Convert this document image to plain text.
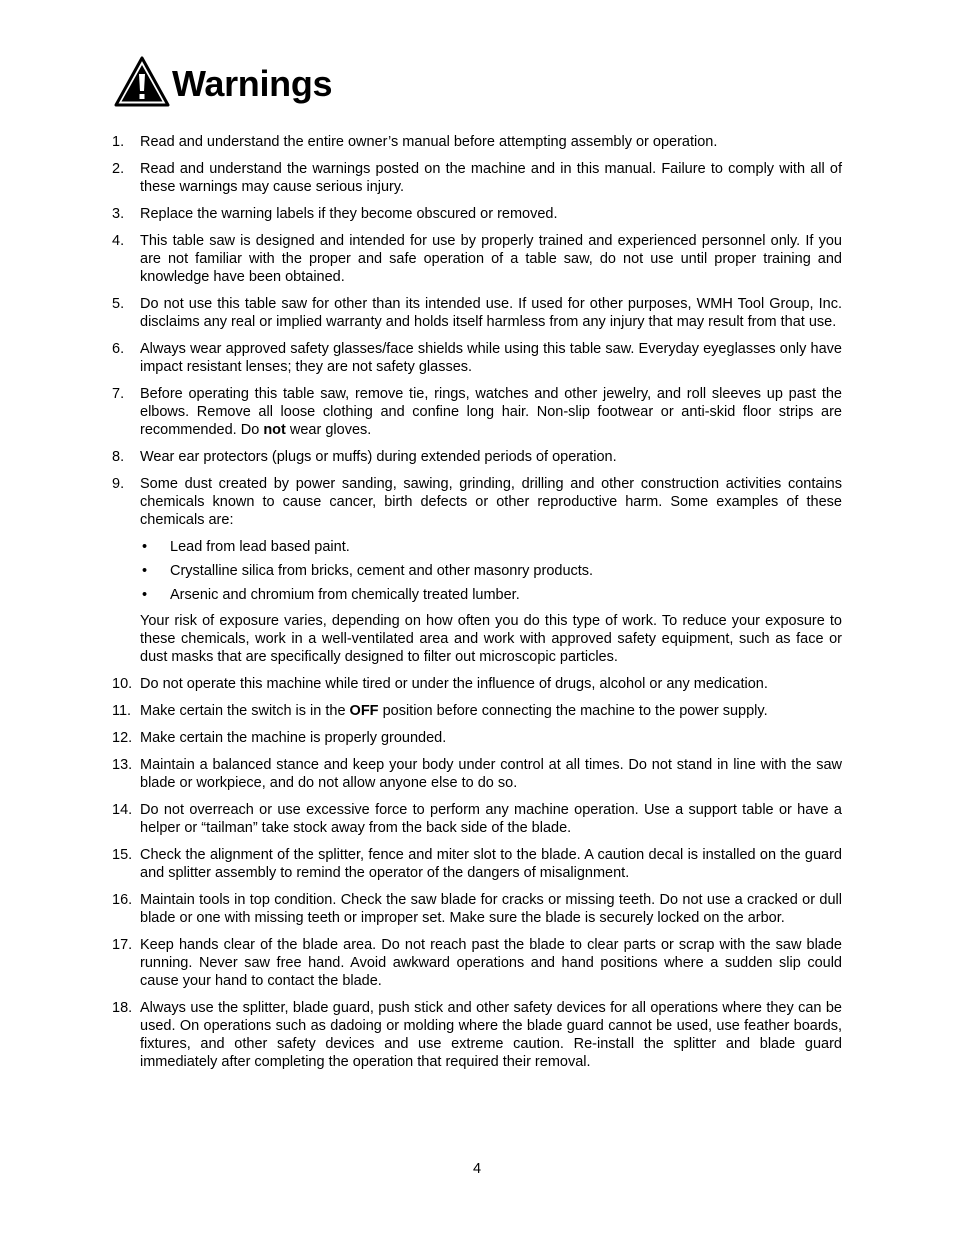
Warnings
1.	Read and understand the entire owner’s manual before attempting assembly or operation.
2.	Read and understand the warnings posted on the machine and in this manual. Failure to comply with all of these warnings may cause serious injury.
3.	Replace the warning labels if they become obscured or removed.
4.	This table saw is designed and intended for use by properly trained and experienced personnel only. If you are not familiar with the proper and safe operation of a table saw, do not use until proper training and knowledge have been obtained.
5.	Do not use this table saw for other than its intended use. If used for other purposes, WMH Tool Group, Inc. disclaims any real or implied warranty and holds itself harmless from any injury that may result from that use.
6.	Always wear approved safety glasses/face shields while using this table saw. Everyday eyeglasses only have impact resistant lenses; they are not safety glasses.
7.	Before operating this table saw, remove tie, rings, watches and other jewelry, and roll sleeves up past the elbows. Remove all loose clothing and confine long hair. Non-slip footwear or anti-skid floor strips are recommended. Do not wear gloves.
8.	Wear ear protectors (plugs or muffs) during extended periods of operation.
9.	Some dust created by power sanding, sawing, grinding, drilling and other construction activities contains chemicals known to cause cancer, birth defects or other reproductive harm. Some examples of these chemicals are:
•	Lead from lead based paint.
•	Crystalline silica from bricks, cement and other masonry products.
•	Arsenic and chromium from chemically treated lumber.
Your risk of exposure varies, depending on how often you do this type of work. To reduce your exposure to these chemicals, work in a well-ventilated area and work with approved safety equipment, such as face or dust masks that are specifically designed to filter out microscopic particles.
10. Do not operate this machine while tired or under the influence of drugs, alcohol or any medication.
11. Make certain the switch is in the OFF position before connecting the machine to the power supply.
12. Make certain the machine is properly grounded.
13. Maintain a balanced stance and keep your body under control at all times. Do not stand in line with the saw blade or workpiece, and do not allow anyone else to do so.
14. Do not overreach or use excessive force to perform any machine operation. Use a support table or have a helper or “tailman” take stock away from the back side of the blade.
15. Check the alignment of the splitter, fence and miter slot to the blade. A caution decal is installed on the guard and splitter assembly to remind the operator of the dangers of misalignment.
16. Maintain tools in top condition. Check the saw blade for cracks or missing teeth. Do not use a cracked or dull blade or one with missing teeth or improper set. Make sure the blade is securely locked on the arbor.
17. Keep hands clear of the blade area. Do not reach past the blade to clear parts or scrap with the saw blade running. Never saw free hand. Avoid awkward operations and hand positions where a sudden slip could cause your hand to contact the blade.
18. Always use the splitter, blade guard, push stick and other safety devices for all operations where they can be used. On operations such as dadoing or molding where the blade guard cannot be used, use feather boards, fixtures, and other safety devices and use extreme caution. Re-install the splitter and blade guard immediately after completing the operation that required their removal.
4
